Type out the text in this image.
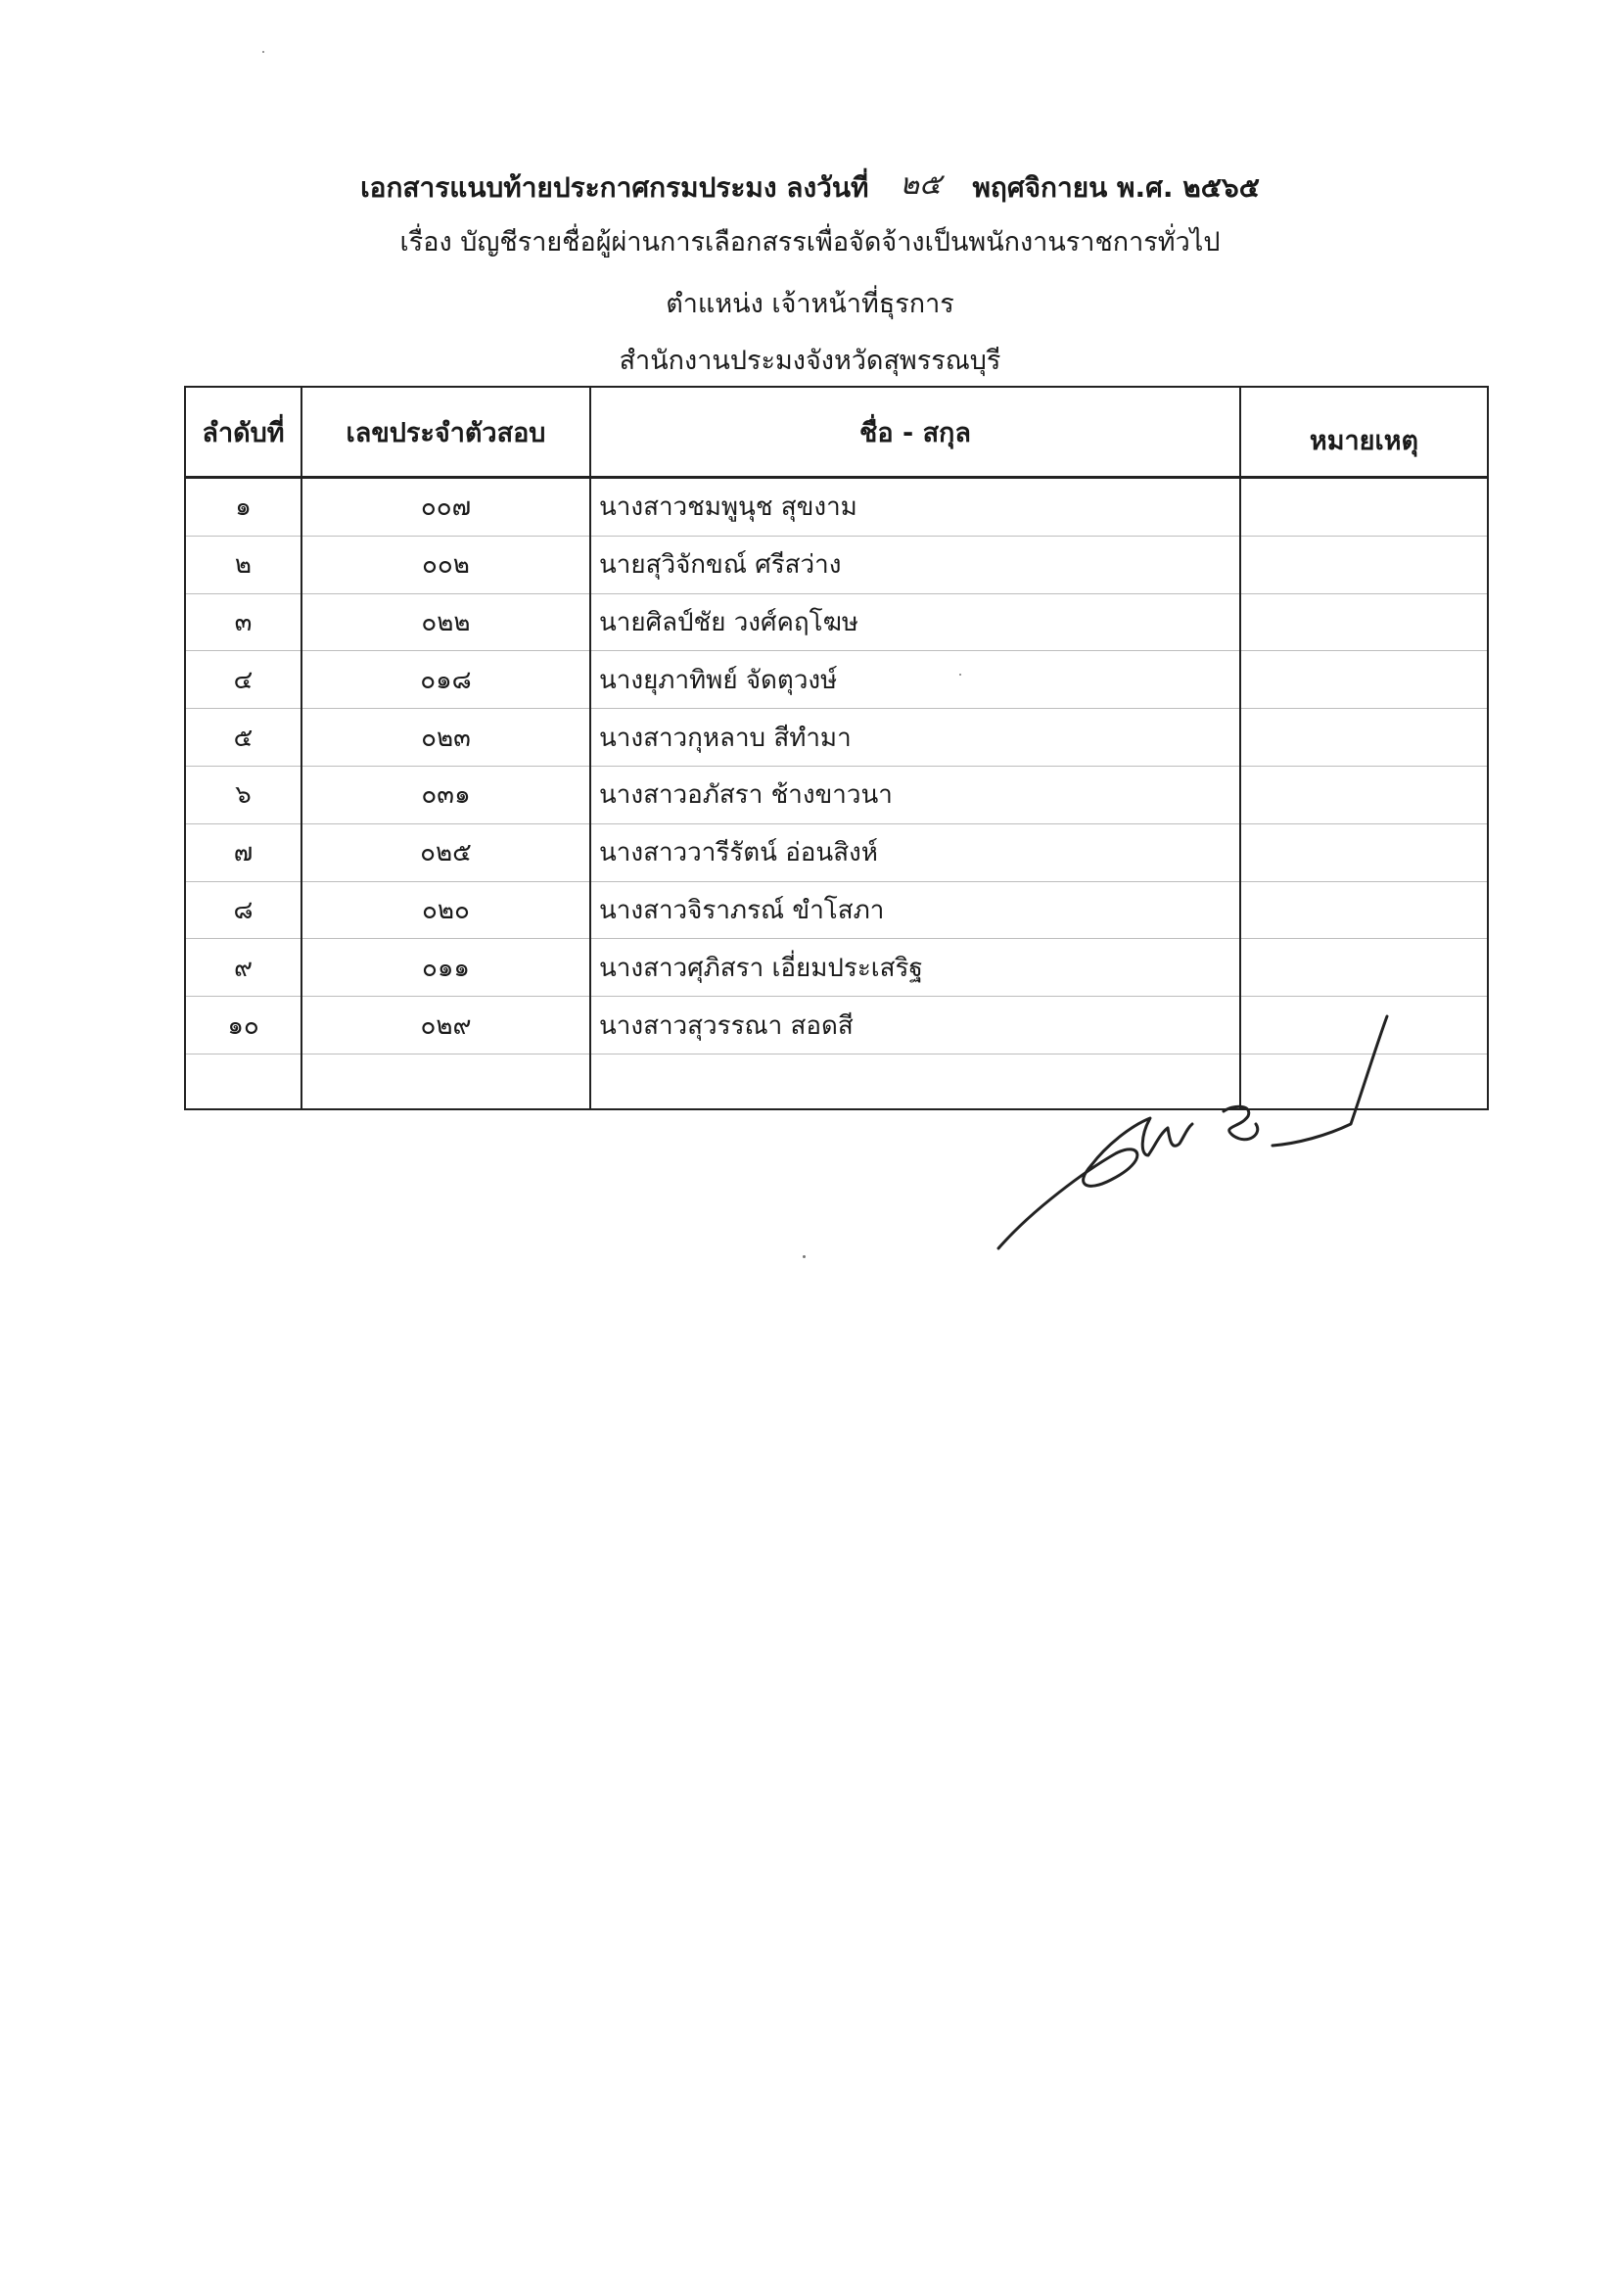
เอกสารแนบท้ายประกาศกรมประมง ลงวันที่ ๒๕ พฤศจิกายน พ.ศ. ๒๕๖๕
เรื่อง บัญชีรายชื่อผู้ผ่านการเลือกสรรเพื่อจัดจ้างเป็นพนักงานราชการทั่วไป
ตำแหน่ง เจ้าหน้าที่ธุรการ
สำนักงานประมงจังหวัดสุพรรณบุรี
ลำดับที่	เลขประจำตัวสอบ	ชื่อ - สกุล	หมายเหตุ
๑	๐๐๗	นางสาวชมพูนุช สุขงาม	
๒	๐๐๒	นายสุวิจักขณ์ ศรีสว่าง	
๓	๐๒๒	นายศิลป์ชัย วงศ์คฤโฆษ	
๔	๐๑๘	นางยุภาทิพย์ จัดตุวงษ์	
๕	๐๒๓	นางสาวกุหลาบ สีทำมา	
๖	๐๓๑	นางสาวอภัสรา ช้างขาวนา	
๗	๐๒๕	นางสาววารีรัตน์ อ่อนสิงห์	
๘	๐๒๐	นางสาวจิราภรณ์ ขำโสภา	
๙	๐๑๑	นางสาวศุภิสรา เอี่ยมประเสริฐ	
๑๐	๐๒๙	นางสาวสุวรรณา สอดสี	
